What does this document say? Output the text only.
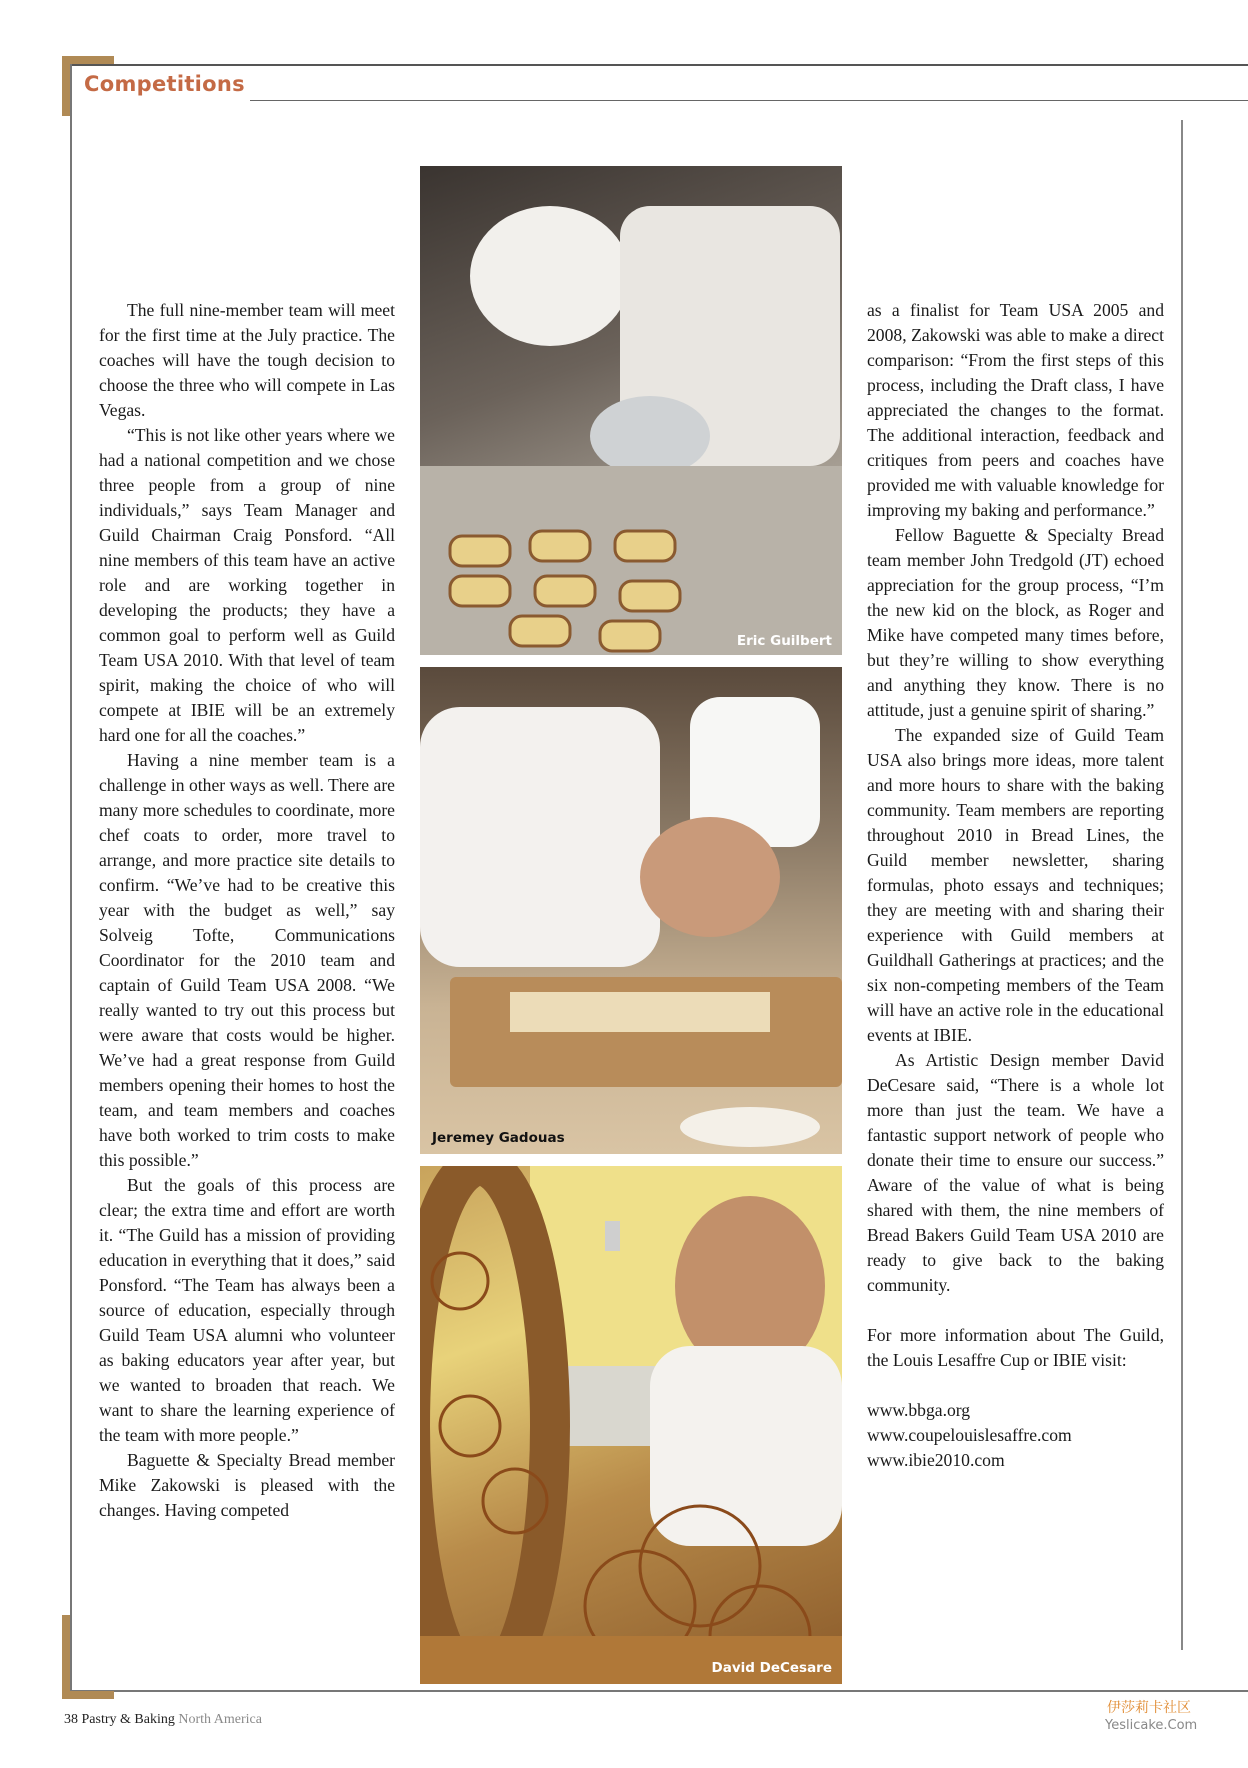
Competitions

The full nine-member team will meet for the first time at the July practice. The coaches will have the tough decision to choose the three who will compete in Las Vegas.

“This is not like other years where we had a national competition and we chose three people from a group of nine individuals,” says Team Manager and Guild Chairman Craig Ponsford. “All nine members of this team have an active role and are working together in developing the products; they have a common goal to perform well as Guild Team USA 2010. With that level of team spirit, making the choice of who will compete at IBIE will be an extremely hard one for all the coaches.”

Having a nine member team is a challenge in other ways as well. There are many more schedules to coordinate, more chef coats to order, more travel to arrange, and more practice site details to confirm. “We’ve had to be creative this year with the budget as well,” say Solveig Tofte, Communications Coordinator for the 2010 team and captain of Guild Team USA 2008. “We really wanted to try out this process but were aware that costs would be higher. We’ve had a great response from Guild members opening their homes to host the team, and team members and coaches have both worked to trim costs to make this possible.”

But the goals of this process are clear; the extra time and effort are worth it. “The Guild has a mission of providing education in everything that it does,” said Ponsford. “The Team has always been a source of education, especially through Guild Team USA alumni who volunteer as baking educators year after year, but we wanted to broaden that reach. We want to share the learning experience of the team with more people.”

Baguette & Specialty Bread member Mike Zakowski is pleased with the changes. Having competed

Eric Guilbert
Jeremey Gadouas
David DeCesare

as a finalist for Team USA 2005 and 2008, Zakowski was able to make a direct comparison: “From the first steps of this process, including the Draft class, I have appreciated the changes to the format. The additional interaction, feedback and critiques from peers and coaches have provided me with valuable knowledge for improving my baking and performance.”

Fellow Baguette & Specialty Bread team member John Tredgold (JT) echoed appreciation for the group process, “I’m the new kid on the block, as Roger and Mike have competed many times before, but they’re willing to show everything and anything they know. There is no attitude, just a genuine spirit of sharing.”

The expanded size of Guild Team USA also brings more ideas, more talent and more hours to share with the baking community. Team members are reporting throughout 2010 in Bread Lines, the Guild member newsletter, sharing formulas, photo essays and techniques; they are meeting with and sharing their experience with Guild members at Guildhall Gatherings at practices; and the six non-competing members of the Team will have an active role in the educational events at IBIE.

As Artistic Design member David DeCesare said, “There is a whole lot more than just the team. We have a fantastic support network of people who donate their time to ensure our success.” Aware of the value of what is being shared with them, the nine members of Bread Bakers Guild Team USA 2010 are ready to give back to the baking community.

For more information about The Guild, the Louis Lesaffre Cup or IBIE visit:

www.bbga.org

www.coupelouislesaffre.com

www.ibie2010.com

38 Pastry & Baking North America
伊莎莉卡社区
Yeslicake.Com
